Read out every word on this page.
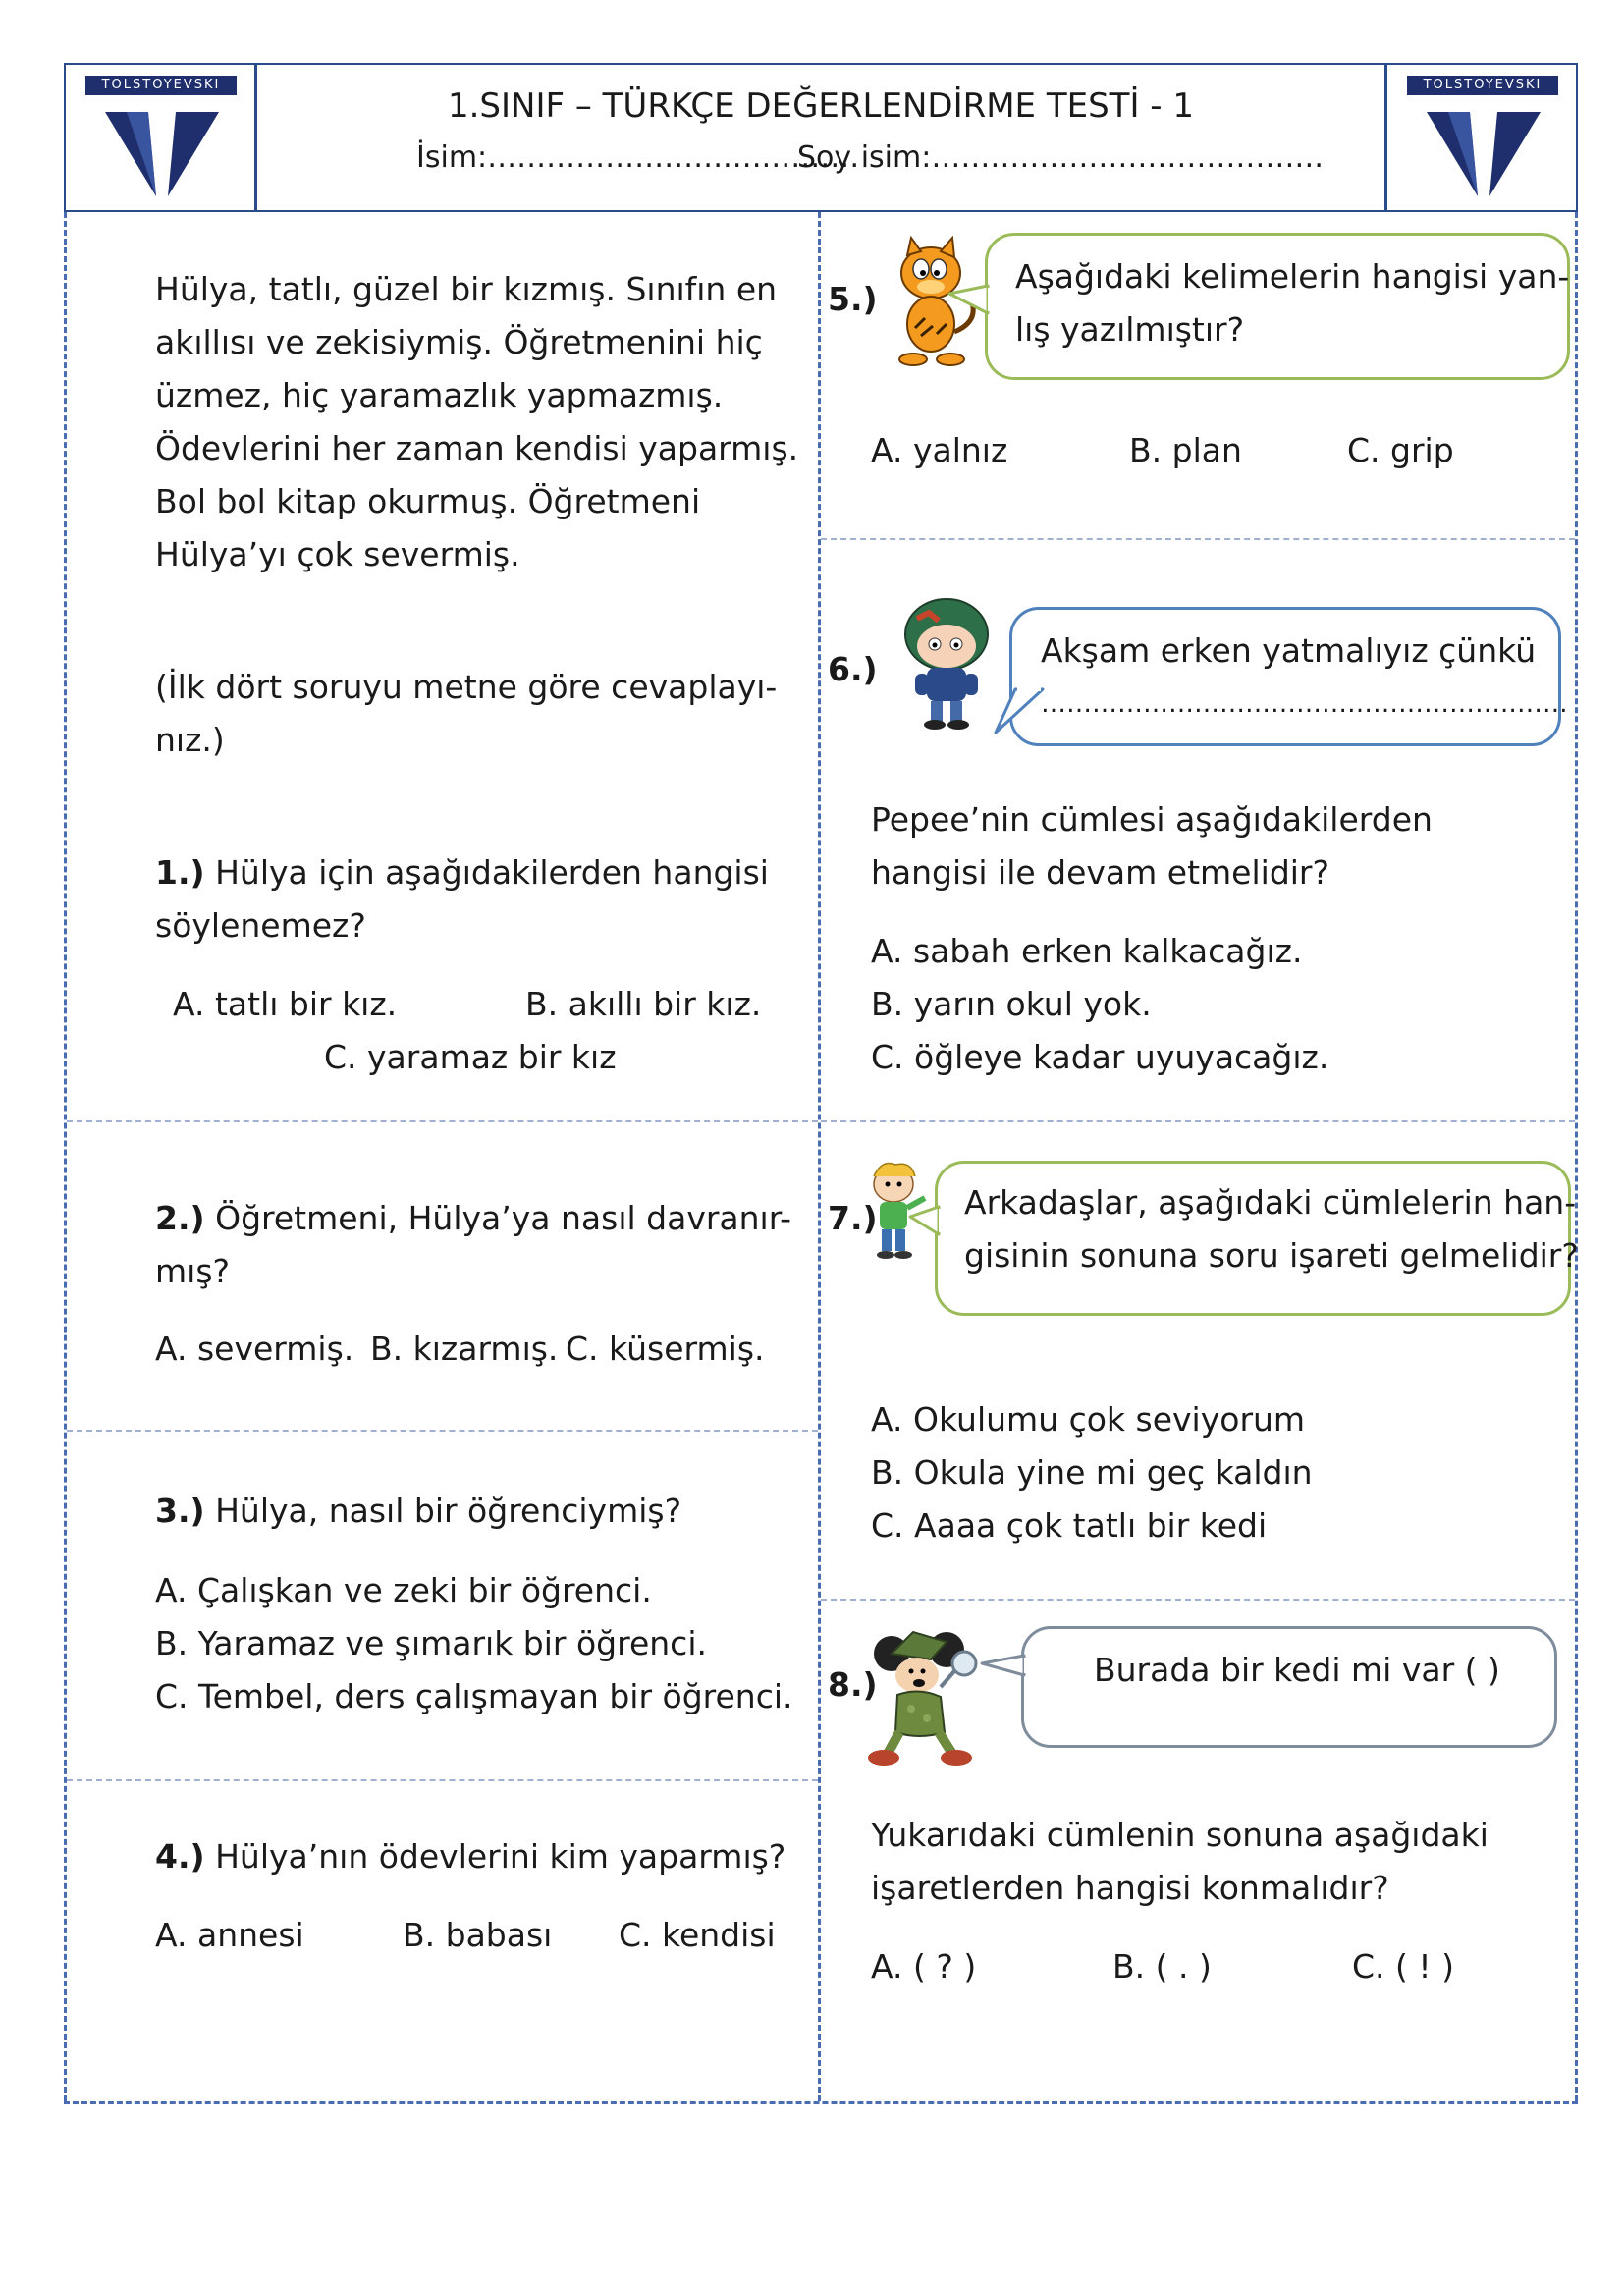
TOLSTOYEVSKI
1.SINIF – TÜRKÇE DEĞERLENDİRME TESTİ - 1
İsim:…………………….….………
Soy isim:………………………………….
TOLSTOYEVSKI
Hülya, tatlı, güzel bir kızmış. Sınıfın en
akıllısı ve zekisiymiş. Öğretmenini hiç
üzmez, hiç yaramazlık yapmazmış.
Ödevlerini her zaman kendisi yaparmış.
Bol bol kitap okurmuş. Öğretmeni
Hülya’yı çok severmiş.
(İlk dört soruyu metne göre cevaplayı-
nız.)
1.) Hülya için aşağıdakilerden hangisi
söylenemez?
A. tatlı bir kız.	B. akıllı bir kız.
C. yaramaz bir kız
2.) Öğretmeni, Hülya’ya nasıl davranır-
mış?
A. severmiş. B. kızarmış. C. küsermiş.
3.) Hülya, nasıl bir öğrenciymiş?
A. Çalışkan ve zeki bir öğrenci.
B. Yaramaz ve şımarık bir öğrenci.
C. Tembel, ders çalışmayan bir öğrenci.
4.) Hülya’nın ödevlerini kim yaparmış?
A. annesi	B. babası C. kendisi
5.)
Aşağıdaki kelimelerin hangisi yan-
lış yazılmıştır?
A. yalnız	B. plan	C. grip
6.)	Akşam erken yatmalıyız çünkü
……………………………………………….…….
Pepee’nin cümlesi aşağıdakilerden
hangisi ile devam etmelidir?
A. sabah erken kalkacağız.
B. yarın okul yok.
C. öğleye kadar uyuyacağız.
7.)	Arkadaşlar, aşağıdaki cümlelerin han-
gisinin sonuna soru işareti gelmelidir?
A. Okulumu çok seviyorum
B. Okula yine mi geç kaldın
C. Aaaa çok tatlı bir kedi
8.)	Burada bir kedi mi var ( )
Yukarıdaki cümlenin sonuna aşağıdaki
işaretlerden hangisi konmalıdır?
A. ( ? )	B. ( . )	C. ( ! )
